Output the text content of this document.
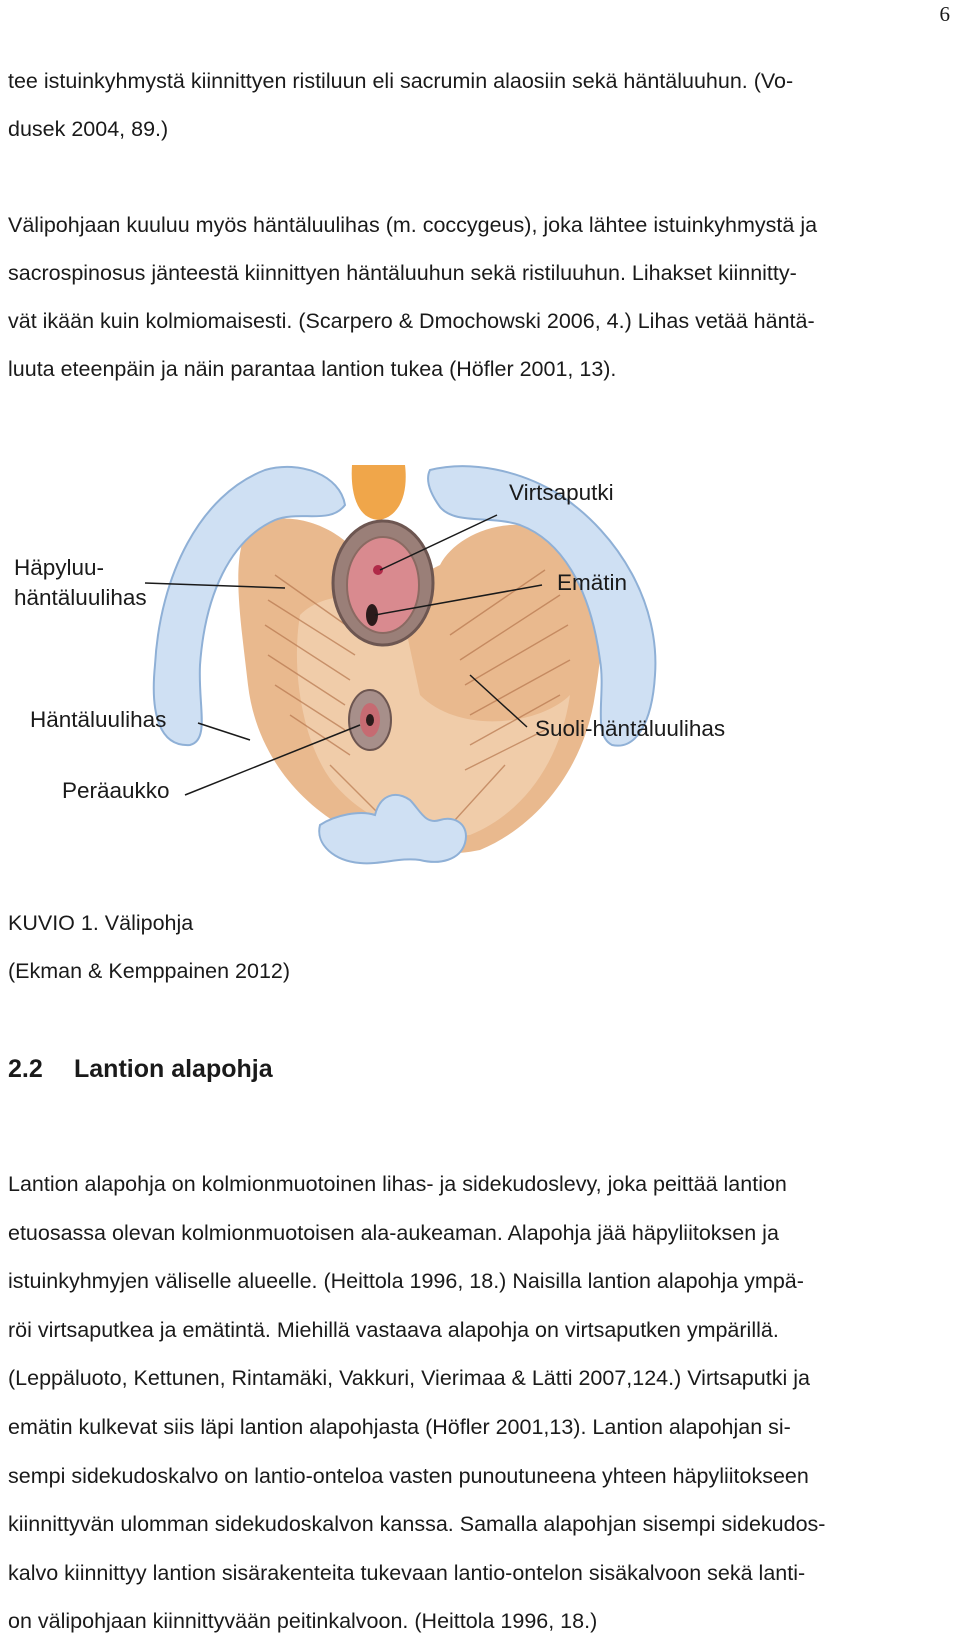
6
tee istuinkyhmystä kiinnittyen ristiluun eli sacrumin alaosiin sekä häntäluuhun. (Vo-
dusek 2004, 89.)
Välipohjaan kuuluu myös häntäluulihas (m. coccygeus), joka lähtee istuinkyhmystä ja
sacrospinosus jänteestä kiinnittyen häntäluuhun sekä ristiluuhun. Lihakset kiinnitty-
vät ikään kuin kolmiomaisesti. (Scarpero & Dmochowski 2006, 4.) Lihas vetää häntä-
luuta eteenpäin ja näin parantaa lantion tukea (Höfler 2001, 13).
Virtsaputki
Häpyluu-
häntäluulihas
Emätin
Häntäluulihas	Suoli-häntäluulihas
Peräaukko
KUVIO 1. Välipohja
(Ekman & Kemppainen 2012)
2.2 Lantion alapohja
Lantion alapohja on kolmionmuotoinen lihas- ja sidekudoslevy, joka peittää lantion
etuosassa olevan kolmionmuotoisen ala-aukeaman. Alapohja jää häpyliitoksen ja
istuinkyhmyjen väliselle alueelle. (Heittola 1996, 18.) Naisilla lantion alapohja ympä-
röi virtsaputkea ja emätintä. Miehillä vastaava alapohja on virtsaputken ympärillä.
(Leppäluoto, Kettunen, Rintamäki, Vakkuri, Vierimaa & Lätti 2007,124.) Virtsaputki ja
emätin kulkevat siis läpi lantion alapohjasta (Höfler 2001,13). Lantion alapohjan si-
sempi sidekudoskalvo on lantio-onteloa vasten punoutuneena yhteen häpyliitokseen
kiinnittyvän ulomman sidekudoskalvon kanssa. Samalla alapohjan sisempi sidekudos-
kalvo kiinnittyy lantion sisärakenteita tukevaan lantio-ontelon sisäkalvoon sekä lanti-
on välipohjaan kiinnittyvään peitinkalvoon. (Heittola 1996, 18.)
